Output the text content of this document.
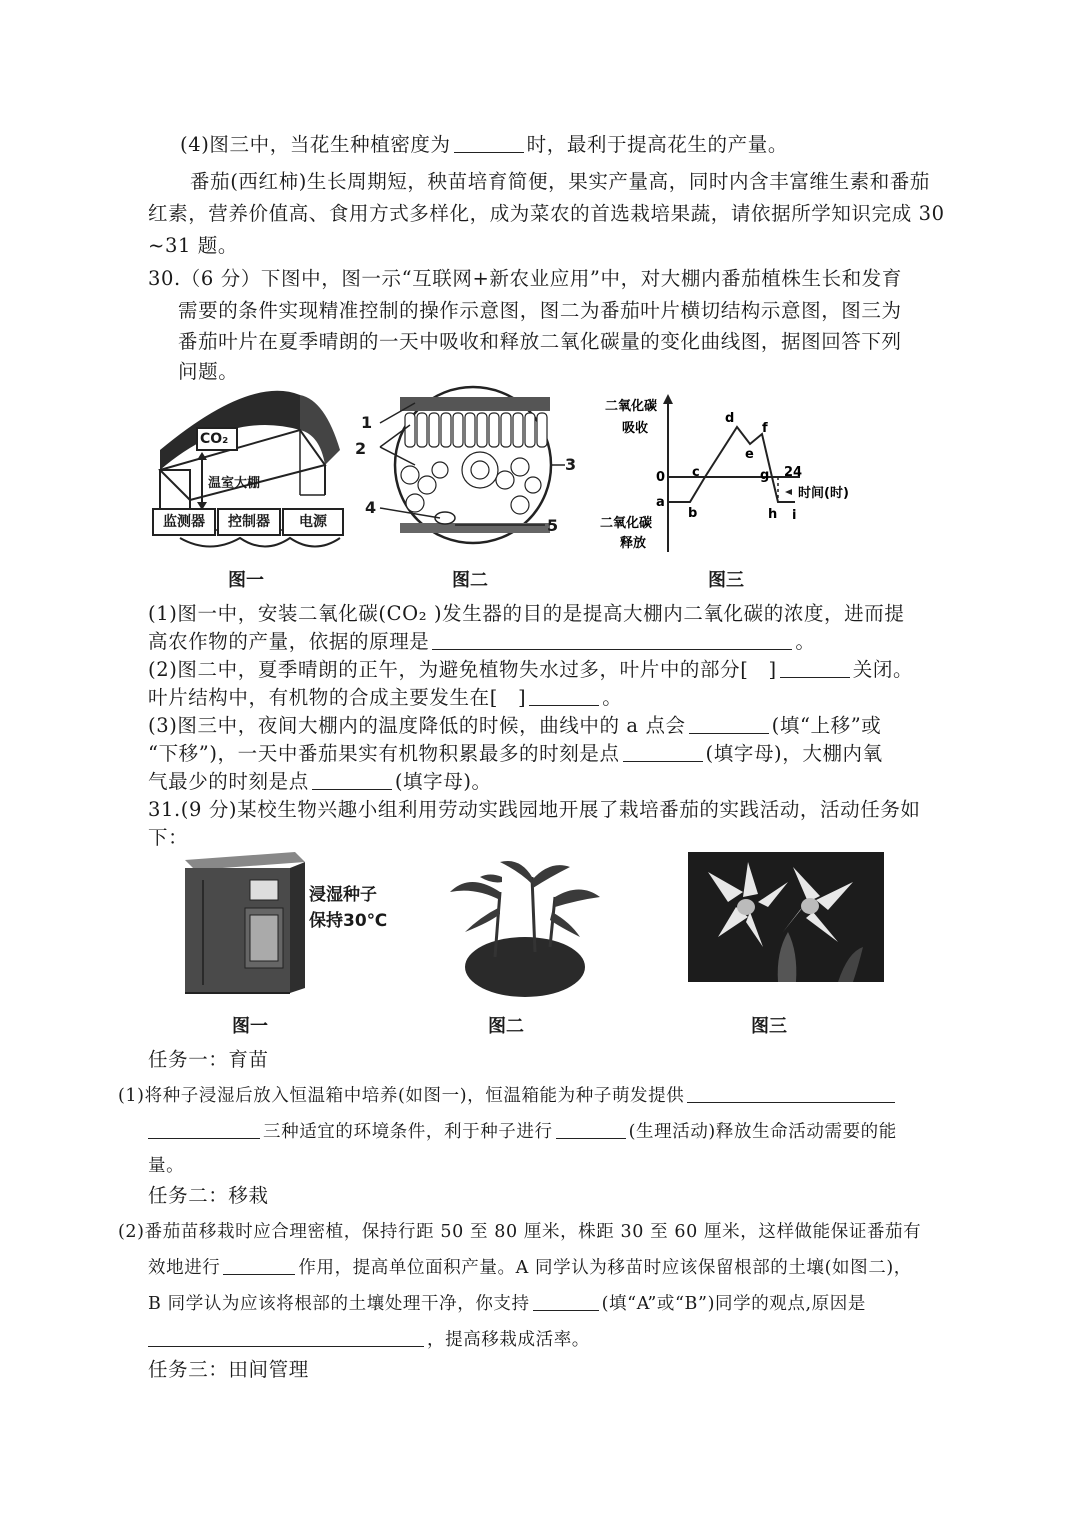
(4)图三中，当花生种植密度为	时，最利于提高花生的产量。
番茄(西红柿)生长周期短，秧苗培育简便，果实产量高，同时内含丰富维生素和番茄
红素，营养价值高、食用方式多样化，成为菜农的首选栽培果蔬，请依据所学知识完成 30
~31 题。
30.（6 分）下图中，图一示“互联网+新农业应用”中，对大棚内番茄植株生长和发育
需要的条件实现精准控制的操作示意图，图二为番茄叶片横切结构示意图，图三为
番茄叶片在夏季晴朗的一天中吸收和释放二氧化碳量的变化曲线图，据图回答下列
问题。
CO₂
温室大棚
监测器	控制器	电源
图一
1
2
3
4
5
图二
二氧化碳
吸收
0
a
b
c
d
e
f
g 24
时间(时)
h i
二氧化碳
释放
图三
(1)图一中，安装二氧化碳(CO₂ )发生器的目的是提高大棚内二氧化碳的浓度，进而提
高农作物的产量，依据的原理是	。
(2)图二中，夏季晴朗的正午，为避免植物失水过多，叶片中的部分[　]	关闭。
叶片结构中，有机物的合成主要发生在[　]	。
(3)图三中，夜间大棚内的温度降低的时候，曲线中的 a 点会	(填“上移”或
“下移”)，一天中番茄果实有机物积累最多的时刻是点	(填字母)，大棚内氧
气最少的时刻是点	(填字母)。
31.(9 分)某校生物兴趣小组利用劳动实践园地开展了栽培番茄的实践活动，活动任务如
下：
浸湿种子
保持30℃
图一	图二	图三
任务一：育苗
(1)将种子浸湿后放入恒温箱中培养(如图一)，恒温箱能为种子萌发提供
三种适宜的环境条件，利于种子进行	(生理活动)释放生命活动需要的能
量。
任务二：移栽
(2)番茄苗移栽时应合理密植，保持行距 50 至 80 厘米，株距 30 至 60 厘米，这样做能保证番茄有
效地进行	作用，提高单位面积产量。A 同学认为移苗时应该保留根部的土壤(如图二)，
B 同学认为应该将根部的土壤处理干净，你支持	(填“A”或“B”)同学的观点,原因是
，提高移栽成活率。
任务三：田间管理
